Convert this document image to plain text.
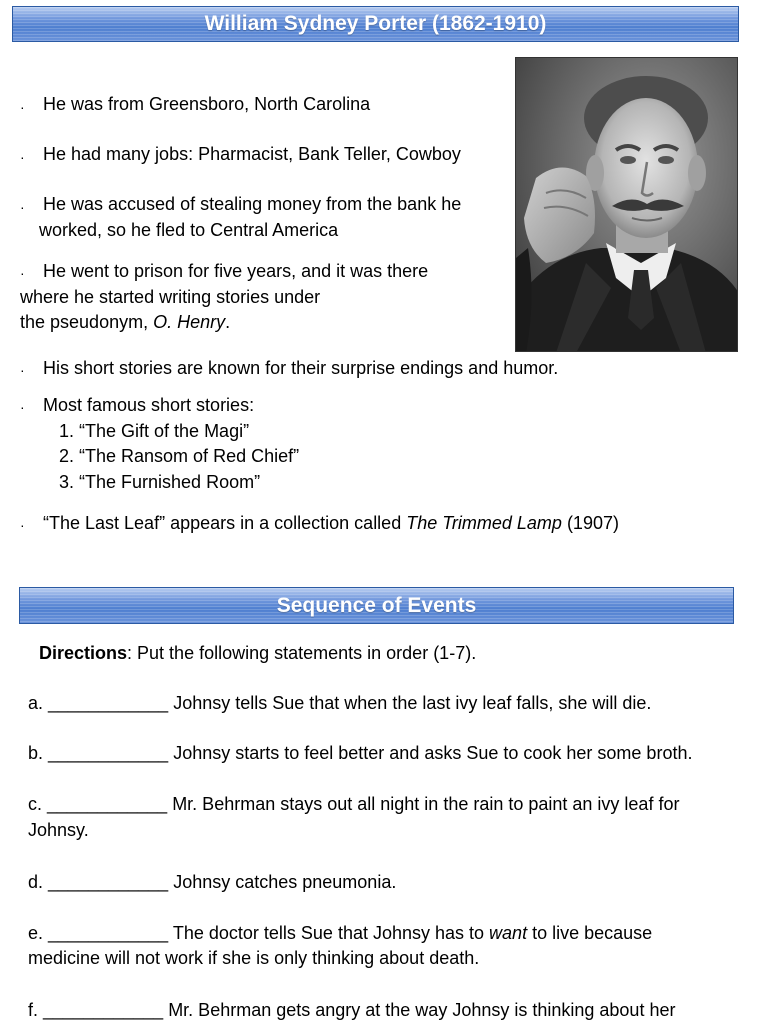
William Sydney Porter (1862-1910)
· He was from Greensboro, North Carolina
· He had many jobs: Pharmacist, Bank Teller, Cowboy
· He was accused of stealing money from the bank he
worked, so he fled to Central America
· He went to prison for five years, and it was there
where he started writing stories under
the pseudonym, O. Henry.
· His short stories are known for their surprise endings and humor.
· Most famous short stories:
1. “The Gift of the Magi”
2. “The Ransom of Red Chief”
3. “The Furnished Room”
· “The Last Leaf” appears in a collection called The Trimmed Lamp (1907)
Sequence of Events
Directions: Put the following statements in order (1-7).
a. ____________ Johnsy tells Sue that when the last ivy leaf falls, she will die.
b. ____________ Johnsy starts to feel better and asks Sue to cook her some broth.
c. ____________ Mr. Behrman stays out all night in the rain to paint an ivy leaf for
Johnsy.
d. ____________ Johnsy catches pneumonia.
e. ____________ The doctor tells Sue that Johnsy has to want to live because
medicine will not work if she is only thinking about death.
f. ____________ Mr. Behrman gets angry at the way Johnsy is thinking about her
